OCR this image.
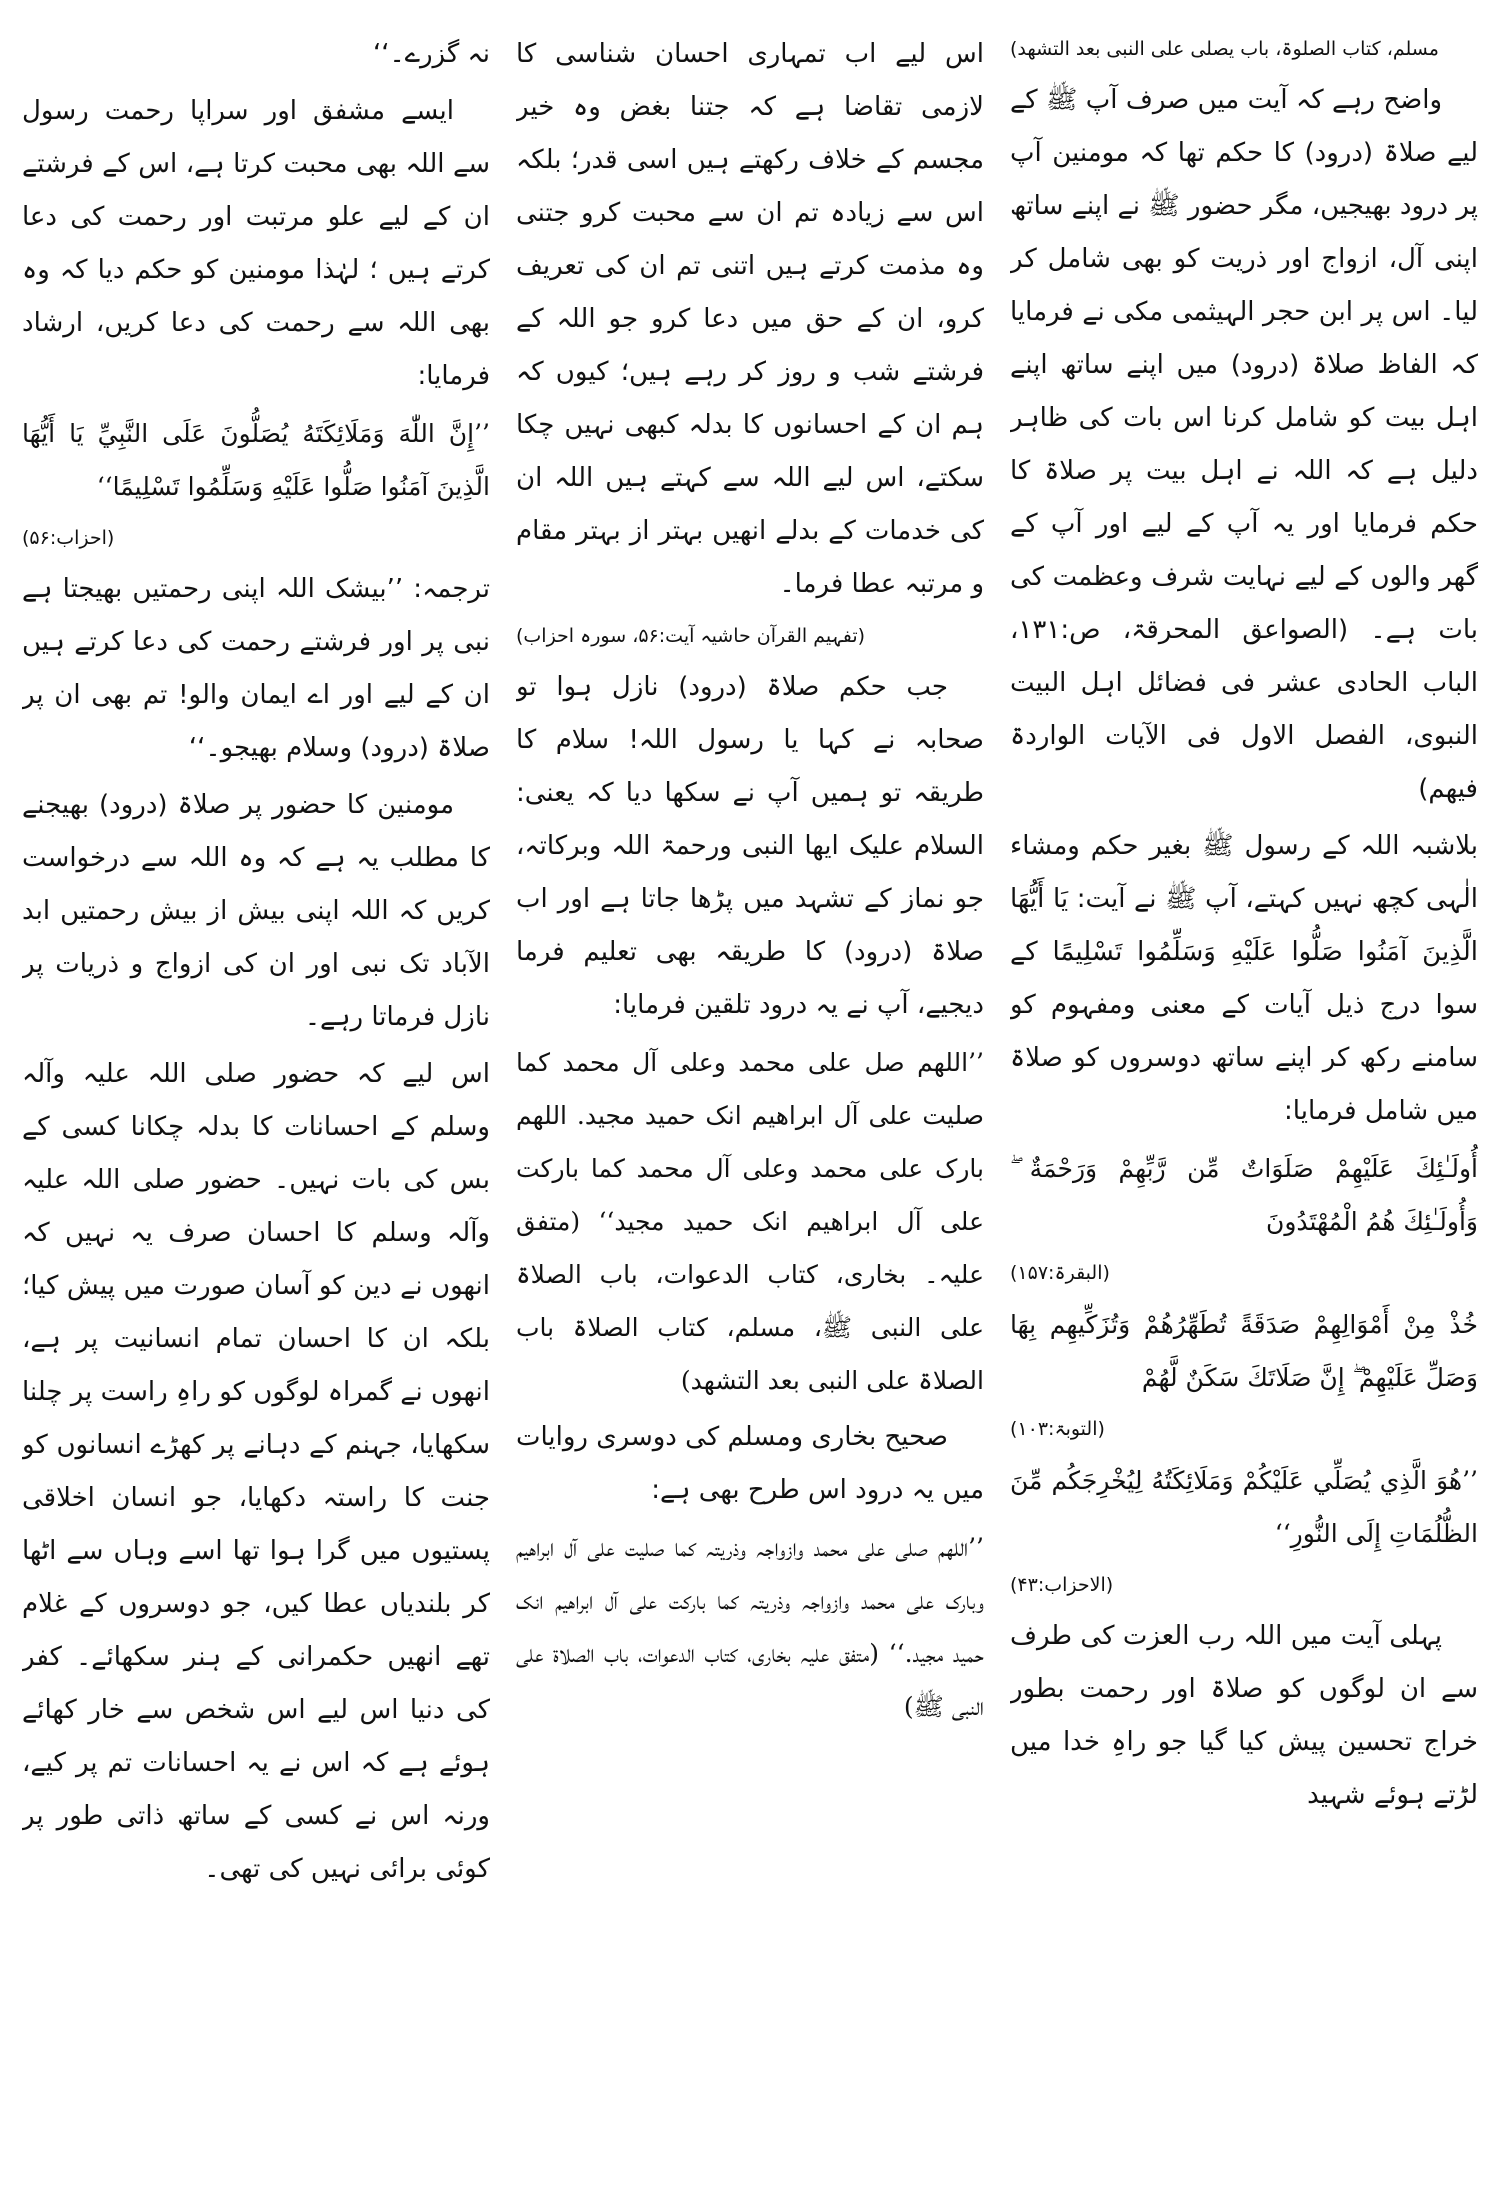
نہ گزرے۔‘‘

ایسے مشفق اور سراپا رحمت رسول سے اللہ بھی محبت کرتا ہے، اس کے فرشتے ان کے لیے علو مرتبت اور رحمت کی دعا کرتے ہیں ؛ لہٰذا مومنین کو حکم دیا کہ وہ بھی اللہ سے رحمت کی دعا کریں، ارشاد فرمایا:

’’إِنَّ اللّٰهَ وَمَلَائِكَتَهُ يُصَلُّونَ عَلَى النَّبِيِّ يَا أَيُّهَا الَّذِينَ آمَنُوا صَلُّوا عَلَيْهِ وَسَلِّمُوا تَسْلِيمًا‘‘

(احزاب:۵۶)

ترجمہ: ’’بیشک اللہ اپنی رحمتیں بھیجتا ہے نبی پر اور فرشتے رحمت کی دعا کرتے ہیں ان کے لیے اور اے ایمان والو! تم بھی ان پر صلاۃ (درود) وسلام بھیجو۔‘‘

مومنین کا حضور پر صلاۃ (درود) بھیجنے کا مطلب یہ ہے کہ وہ اللہ سے درخواست کریں کہ اللہ اپنی بیش از بیش رحمتیں ابد الآباد تک نبی اور ان کی ازواج و ذریات پر نازل فرماتا رہے۔

اس لیے کہ حضور صلی اللہ علیہ وآلہ وسلم کے احسانات کا بدلہ چکانا کسی کے بس کی بات نہیں۔ حضور صلی اللہ علیہ وآلہ وسلم کا احسان صرف یہ نہیں کہ انھوں نے دین کو آسان صورت میں پیش کیا؛ بلکہ ان کا احسان تمام انسانیت پر ہے، انھوں نے گمراہ لوگوں کو راہِ راست پر چلنا سکھایا، جہنم کے دہانے پر کھڑے انسانوں کو جنت کا راستہ دکھایا، جو انسان اخلاقی پستیوں میں گرا ہوا تھا اسے وہاں سے اٹھا کر بلندیاں عطا کیں، جو دوسروں کے غلام تھے انھیں حکمرانی کے ہنر سکھائے۔ کفر کی دنیا اس لیے اس شخص سے خار کھائے ہوئے ہے کہ اس نے یہ احسانات تم پر کیے، ورنہ اس نے کسی کے ساتھ ذاتی طور پر کوئی برائی نہیں کی تھی۔

اس لیے اب تمہاری احسان شناسی کا لازمی تقاضا ہے کہ جتنا بغض وہ خیر مجسم کے خلاف رکھتے ہیں اسی قدر؛ بلکہ اس سے زیادہ تم ان سے محبت کرو جتنی وہ مذمت کرتے ہیں اتنی تم ان کی تعریف کرو، ان کے حق میں دعا کرو جو اللہ کے فرشتے شب و روز کر رہے ہیں؛ کیوں کہ ہم ان کے احسانوں کا بدلہ کبھی نہیں چکا سکتے، اس لیے اللہ سے کہتے ہیں اللہ ان کی خدمات کے بدلے انھیں بہتر از بہتر مقام و مرتبہ عطا فرما۔

(تفہیم القرآن حاشیہ آیت:۵۶، سورہ احزاب)

جب حکم صلاۃ (درود) نازل ہوا تو صحابہ نے کہا یا رسول اللہ! سلام کا طریقہ تو ہمیں آپ نے سکھا دیا کہ یعنی: السلام علیک ایھا النبی ورحمۃ اللہ وبرکاتہ، جو نماز کے تشہد میں پڑھا جاتا ہے اور اب صلاۃ (درود) کا طریقہ بھی تعلیم فرما دیجیے، آپ نے یہ درود تلقین فرمایا:

’’اللھم صل علی محمد وعلی آل محمد کما صلیت علی آل ابراھیم انک حمید مجید. اللھم بارک علی محمد وعلی آل محمد کما بارکت علی آل ابراھیم انک حمید مجید‘‘ (متفق علیہ۔ بخاری، کتاب الدعوات، باب الصلاۃ علی النبی ﷺ، مسلم، کتاب الصلاۃ باب الصلاۃ علی النبی بعد التشھد)

صحیح بخاری ومسلم کی دوسری روایات میں یہ درود اس طرح بھی ہے:

’’اللھم صلی علی محمد وازواجہ وذریتہ کما صلیت علی آل ابراھیم وبارک علی محمد وازواجہ وذریتہ کما بارکت علی آل ابراھیم انک حمید مجید.‘‘ (متفق علیہ بخاری، کتاب الدعوات، باب الصلاۃ علی النبی ﷺ)

مسلم، کتاب الصلوۃ، باب یصلی علی النبی بعد التشھد)

واضح رہے کہ آیت میں صرف آپ ﷺ کے لیے صلاۃ (درود) کا حکم تھا کہ مومنین آپ پر درود بھیجیں، مگر حضور ﷺ نے اپنے ساتھ اپنی آل، ازواج اور ذریت کو بھی شامل کر لیا۔ اس پر ابن حجر الہیثمی مکی نے فرمایا کہ الفاظ صلاۃ (درود) میں اپنے ساتھ اپنے اہل بیت کو شامل کرنا اس بات کی ظاہر دلیل ہے کہ اللہ نے اہل بیت پر صلاۃ کا حکم فرمایا اور یہ آپ کے لیے اور آپ کے گھر والوں کے لیے نہایت شرف وعظمت کی بات ہے۔ (الصواعق المحرقۃ، ص:۱۳۱، الباب الحادی عشر فی فضائل اہل البیت النبوی، الفصل الاول فی الآیات الواردۃ فیھم)

بلاشبہ اللہ کے رسول ﷺ بغیر حکم ومشاء الٰہی کچھ نہیں کہتے، آپ ﷺ نے آیت: یَا أَیُّهَا الَّذِینَ آمَنُوا صَلُّوا عَلَیْهِ وَسَلِّمُوا تَسْلِیمًا کے سوا درج ذیل آیات کے معنی ومفہوم کو سامنے رکھ کر اپنے ساتھ دوسروں کو صلاۃ میں شامل فرمایا:

أُولَـٰئِكَ عَلَيْهِمْ صَلَوَاتٌ مِّن رَّبِّهِمْ وَرَحْمَةٌ ۖ وَأُولَـٰئِكَ هُمُ الْمُهْتَدُونَ

(البقرۃ:۱۵۷)

خُذْ مِنْ أَمْوَالِهِمْ صَدَقَةً تُطَهِّرُهُمْ وَتُزَكِّيهِم بِهَا وَصَلِّ عَلَيْهِمْ ۖ إِنَّ صَلَاتَكَ سَكَنٌ لَّهُمْ

(التوبۃ:۱۰۳)

’’هُوَ الَّذِي يُصَلِّي عَلَيْكُمْ وَمَلَائِكَتُهُ لِيُخْرِجَكُم مِّنَ الظُّلُمَاتِ إِلَى النُّورِ‘‘

(الاحزاب:۴۳)

پہلی آیت میں اللہ رب العزت کی طرف سے ان لوگوں کو صلاۃ اور رحمت بطور خراج تحسین پیش کیا گیا جو راہِ خدا میں لڑتے ہوئے شہید
